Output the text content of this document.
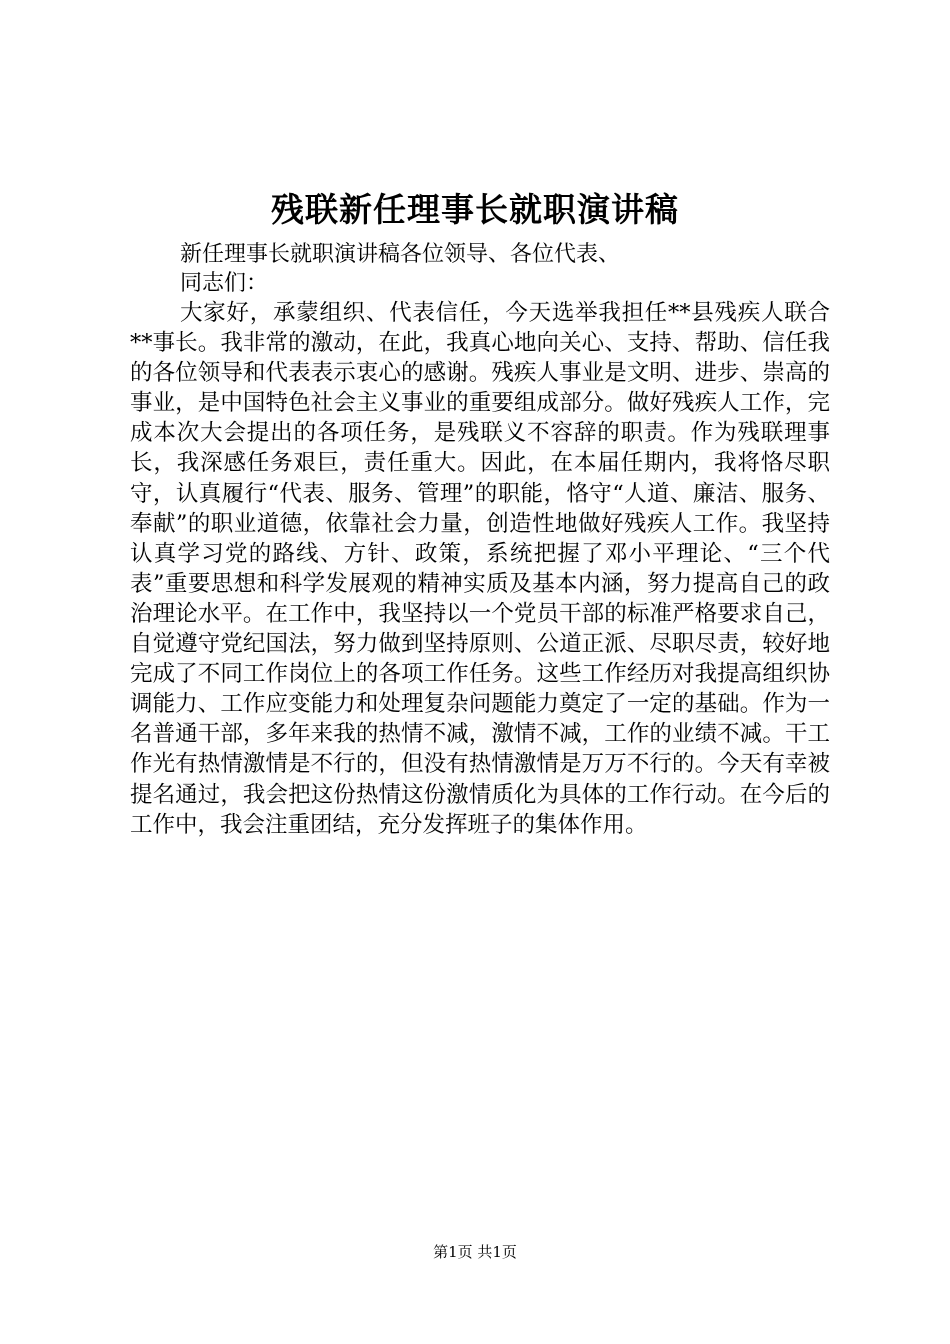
残联新任理事长就职演讲稿
新任理事长就职演讲稿各位领导、各位代表、
同志们：

大家好，承蒙组织、代表信任，今天选举我担任**县残疾人联合**事长。我非常的激动，在此，我真心地向关心、支持、帮助、信任我的各位领导和代表表示衷心的感谢。残疾人事业是文明、进步、崇高的事业，是中国特色社会主义事业的重要组成部分。做好残疾人工作，完成本次大会提出的各项任务，是残联义不容辞的职责。作为残联理事长，我深感任务艰巨，责任重大。因此，在本届任期内，我将恪尽职守，认真履行“代表、服务、管理”的职能，恪守“人道、廉洁、服务、奉献”的职业道德，依靠社会力量，创造性地做好残疾人工作。我坚持认真学习党的路线、方针、政策，系统把握了邓小平理论、“三个代表”重要思想和科学发展观的精神实质及基本内涵，努力提高自己的政治理论水平。在工作中，我坚持以一个党员干部的标准严格要求自己，自觉遵守党纪国法，努力做到坚持原则、公道正派、尽职尽责，较好地完成了不同工作岗位上的各项工作任务。这些工作经历对我提高组织协调能力、工作应变能力和处理复杂问题能力奠定了一定的基础。作为一名普通干部，多年来我的热情不减，激情不减，工作的业绩不减。干工作光有热情激情是不行的，但没有热情激情是万万不行的。今天有幸被提名通过，我会把这份热情这份激情质化为具体的工作行动。在今后的工作中，我会注重团结，充分发挥班子的集体作用。

第1页 共1页
